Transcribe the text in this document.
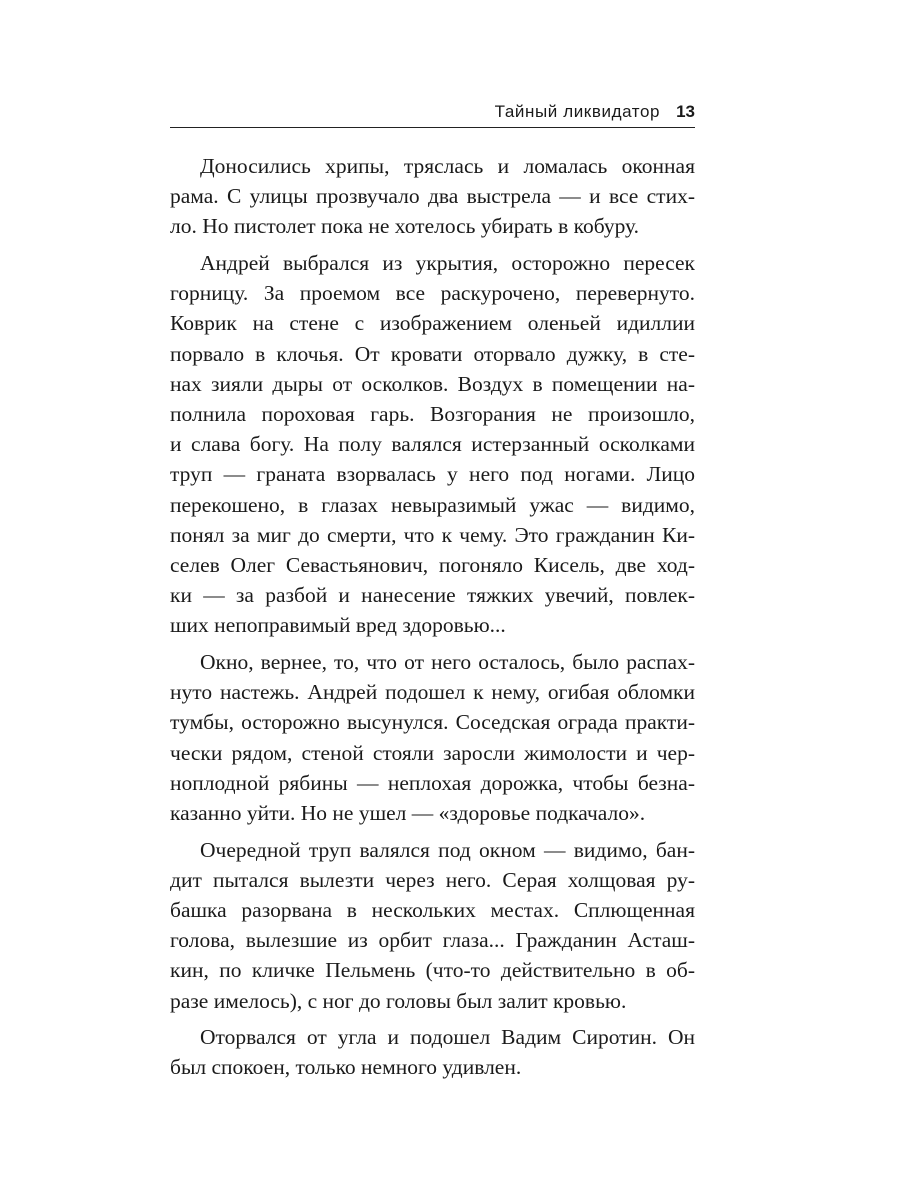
Тайный ликвидатор 13
Доносились хрипы, тряслась и ломалась оконная
рама. С улицы прозвучало два выстрела — и все стих-
ло. Но пистолет пока не хотелось убирать в кобуру.
Андрей выбрался из укрытия, осторожно пересек
горницу. За проемом все раскурочено, перевернуто.
Коврик на стене с изображением оленьей идиллии
порвало в клочья. От кровати оторвало дужку, в сте-
нах зияли дыры от осколков. Воздух в помещении на-
полнила пороховая гарь. Возгорания не произошло,
и слава богу. На полу валялся истерзанный осколками
труп — граната взорвалась у него под ногами. Лицо
перекошено, в глазах невыразимый ужас — видимо,
понял за миг до смерти, что к чему. Это гражданин Ки-
селев Олег Севастьянович, погоняло Кисель, две ход-
ки — за разбой и нанесение тяжких увечий, повлек-
ших непоправимый вред здоровью...
Окно, вернее, то, что от него осталось, было распах-
нуто настежь. Андрей подошел к нему, огибая обломки
тумбы, осторожно высунулся. Соседская ограда практи-
чески рядом, стеной стояли заросли жимолости и чер-
ноплодной рябины — неплохая дорожка, чтобы безна-
казанно уйти. Но не ушел — «здоровье подкачало».
Очередной труп валялся под окном — видимо, бан-
дит пытался вылезти через него. Серая холщовая ру-
башка разорвана в нескольких местах. Сплющенная
голова, вылезшие из орбит глаза... Гражданин Асташ-
кин, по кличке Пельмень (что-то действительно в об-
разе имелось), с ног до головы был залит кровью.
Оторвался от угла и подошел Вадим Сиротин. Он
был спокоен, только немного удивлен.
